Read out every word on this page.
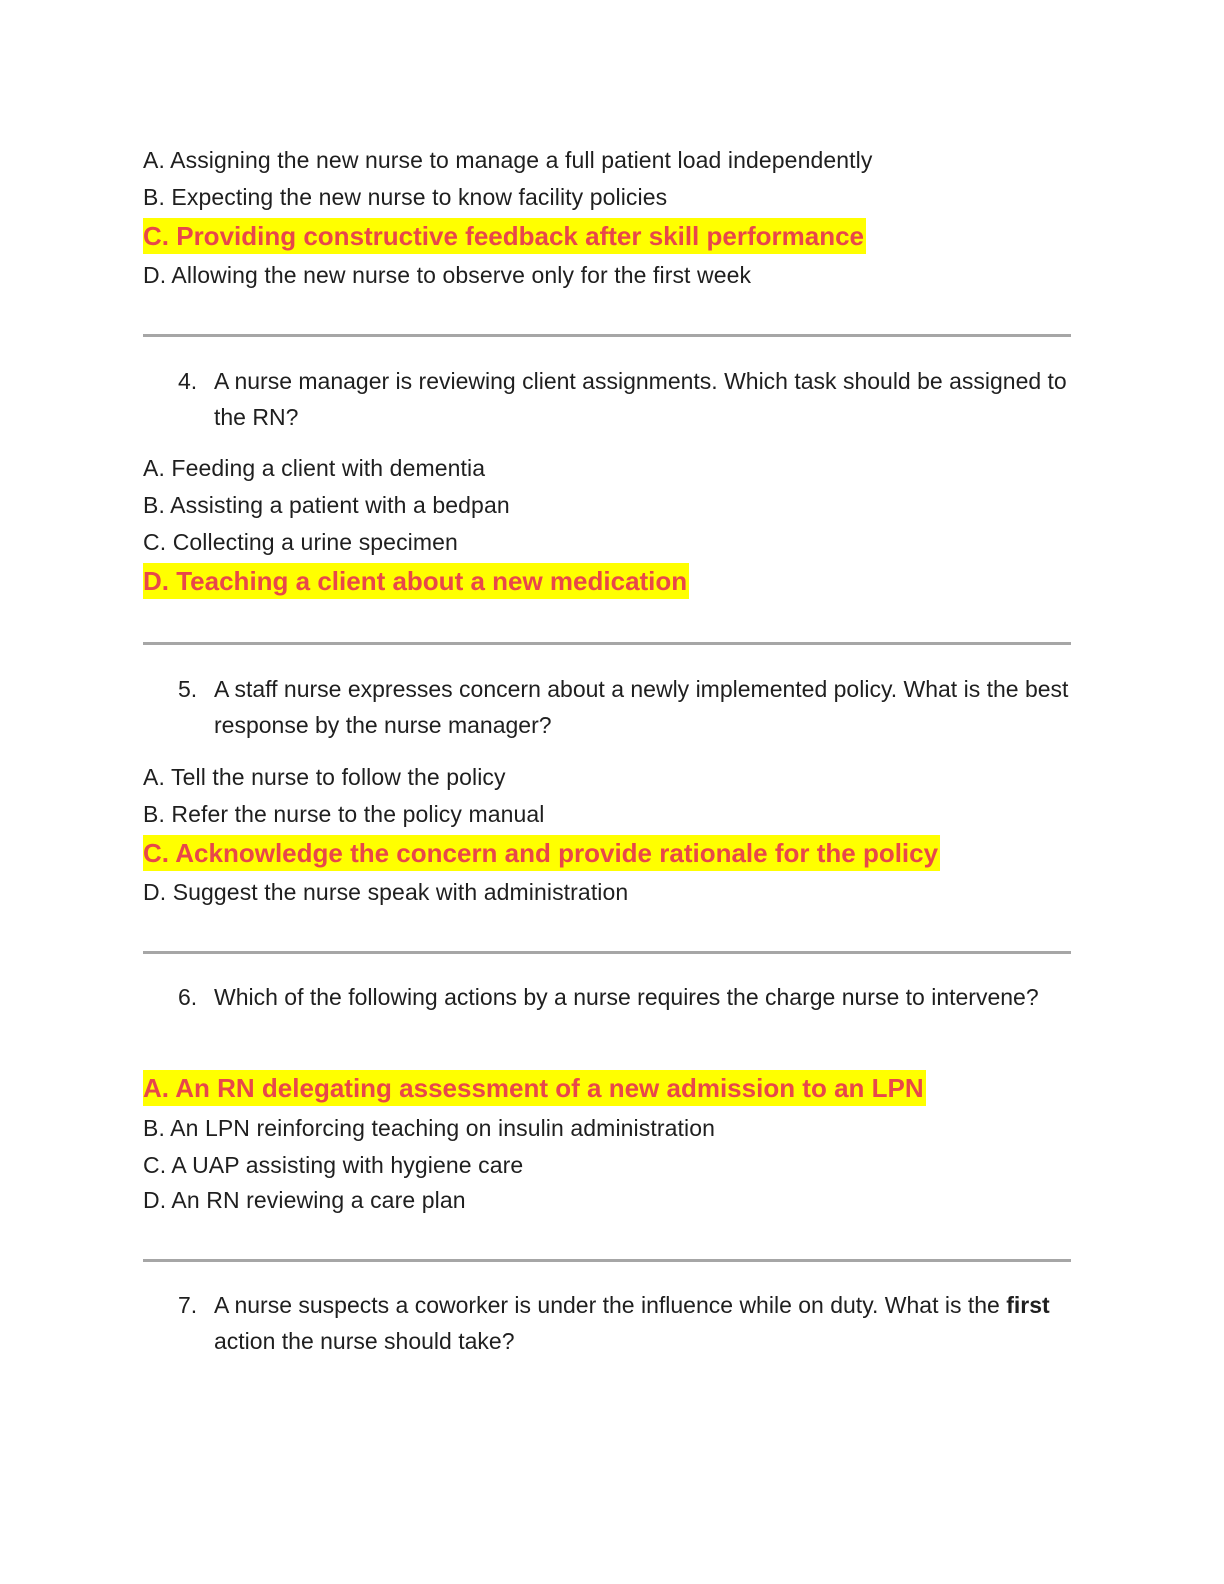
A. Assigning the new nurse to manage a full patient load independently
B. Expecting the new nurse to know facility policies
C. Providing constructive feedback after skill performance
D. Allowing the new nurse to observe only for the first week
4. A nurse manager is reviewing client assignments. Which task should be assigned to the RN?
A. Feeding a client with dementia
B. Assisting a patient with a bedpan
C. Collecting a urine specimen
D. Teaching a client about a new medication
5. A staff nurse expresses concern about a newly implemented policy. What is the best response by the nurse manager?
A. Tell the nurse to follow the policy
B. Refer the nurse to the policy manual
C. Acknowledge the concern and provide rationale for the policy
D. Suggest the nurse speak with administration
6. Which of the following actions by a nurse requires the charge nurse to intervene?
A. An RN delegating assessment of a new admission to an LPN
B. An LPN reinforcing teaching on insulin administration
C. A UAP assisting with hygiene care
D. An RN reviewing a care plan
7. A nurse suspects a coworker is under the influence while on duty. What is the first action the nurse should take?
